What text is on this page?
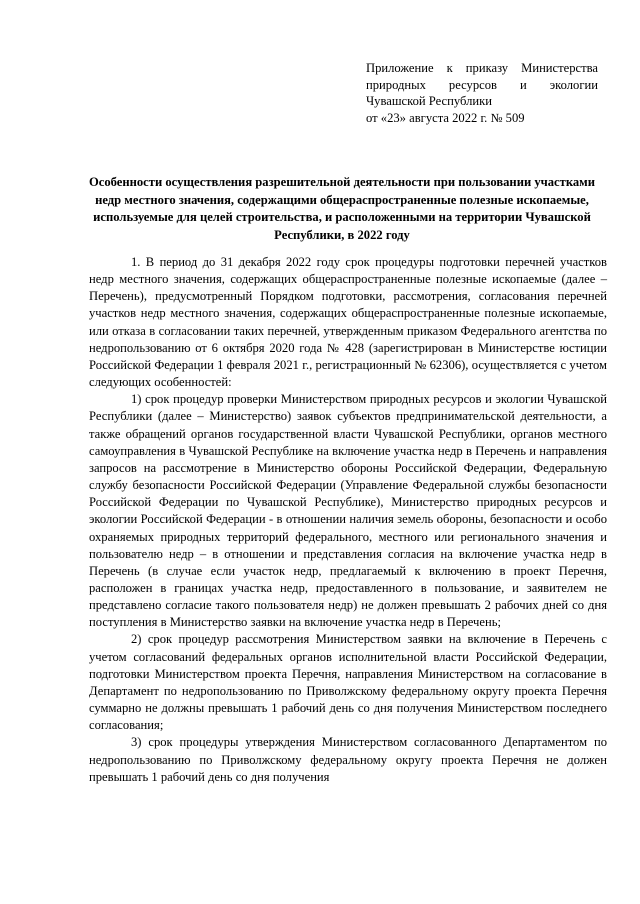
Приложение к приказу Министерства
природных ресурсов и экологии
Чувашской Республики
от «23» августа 2022 г. № 509
Особенности осуществления разрешительной деятельности при пользовании участками недр местного значения, содержащими общераспространенные полезные ископаемые, используемые для целей строительства, и расположенными на территории Чувашской Республики, в 2022 году

1. В период до 31 декабря 2022 году срок процедуры подготовки перечней участков недр местного значения, содержащих общераспространенные полезные ископаемые (далее – Перечень), предусмотренный Порядком подготовки, рассмотрения, согласования перечней участков недр местного значения, содержащих общераспространенные полезные ископаемые, или отказа в согласовании таких перечней, утвержденным приказом Федерального агентства по недропользованию от 6 октября 2020 года № 428 (зарегистрирован в Министерстве юстиции Российской Федерации 1 февраля 2021 г., регистрационный № 62306), осуществляется с учетом следующих особенностей:

1) срок процедур проверки Министерством природных ресурсов и экологии Чувашской Республики (далее – Министерство) заявок субъектов предпринимательской деятельности, а также обращений органов государственной власти Чувашской Республики, органов местного самоуправления в Чувашской Республике на включение участка недр в Перечень и направления запросов на рассмотрение в Министерство обороны Российской Федерации, Федеральную службу безопасности Российской Федерации (Управление Федеральной службы безопасности Российской Федерации по Чувашской Республике), Министерство природных ресурсов и экологии Российской Федерации - в отношении наличия земель обороны, безопасности и особо охраняемых природных территорий федерального, местного или регионального значения и пользователю недр – в отношении и представления согласия на включение участка недр в Перечень (в случае если участок недр, предлагаемый к включению в проект Перечня, расположен в границах участка недр, предоставленного в пользование, и заявителем не представлено согласие такого пользователя недр) не должен превышать 2 рабочих дней со дня поступления в Министерство заявки на включение участка недр в Перечень;

2) срок процедур рассмотрения Министерством заявки на включение в Перечень с учетом согласований федеральных органов исполнительной власти Российской Федерации, подготовки Министерством проекта Перечня, направления Министерством на согласование в Департамент по недропользованию по Приволжскому федеральному округу проекта Перечня суммарно не должны превышать 1 рабочий день со дня получения Министерством последнего согласования;

3) срок процедуры утверждения Министерством согласованного Департаментом по недропользованию по Приволжскому федеральному округу проекта Перечня не должен превышать 1 рабочий день со дня получения
